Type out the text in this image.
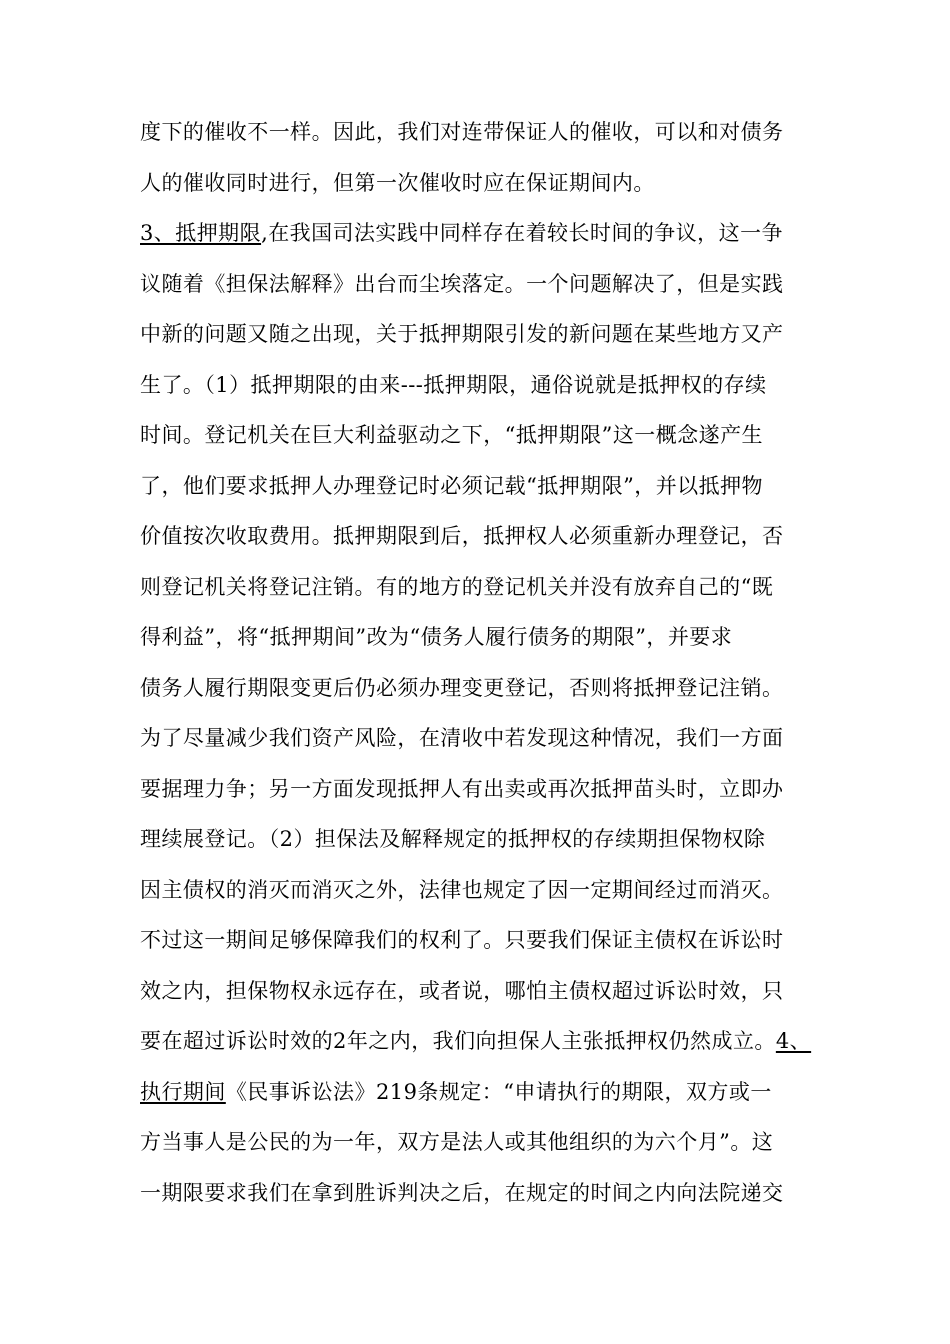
度下的催收不一样。因此，我们对连带保证人的催收，可以和对债务
人的催收同时进行，但第一次催收时应在保证期间内。
3、抵押期限,在我国司法实践中同样存在着较长时间的争议，这一争
议随着《担保法解释》出台而尘埃落定。一个问题解决了，但是实践
中新的问题又随之出现，关于抵押期限引发的新问题在某些地方又产
生了。（1）抵押期限的由来---抵押期限，通俗说就是抵押权的存续
时间。登记机关在巨大利益驱动之下，“抵押期限”这一概念遂产生
了，他们要求抵押人办理登记时必须记载“抵押期限”，并以抵押物
价值按次收取费用。抵押期限到后，抵押权人必须重新办理登记，否
则登记机关将登记注销。有的地方的登记机关并没有放弃自己的“既
得利益”，将“抵押期间”改为“债务人履行债务的期限”，并要求
债务人履行期限变更后仍必须办理变更登记，否则将抵押登记注销。
为了尽量减少我们资产风险，在清收中若发现这种情况，我们一方面
要据理力争；另一方面发现抵押人有出卖或再次抵押苗头时，立即办
理续展登记。（2）担保法及解释规定的抵押权的存续期担保物权除
因主债权的消灭而消灭之外，法律也规定了因一定期间经过而消灭。
不过这一期间足够保障我们的权利了。只要我们保证主债权在诉讼时
效之内，担保物权永远存在，或者说，哪怕主债权超过诉讼时效，只
要在超过诉讼时效的2年之内，我们向担保人主张抵押权仍然成立。4、
执行期间《民事诉讼法》219条规定：“申请执行的期限，双方或一
方当事人是公民的为一年，双方是法人或其他组织的为六个月”。这
一期限要求我们在拿到胜诉判决之后，在规定的时间之内向法院递交
